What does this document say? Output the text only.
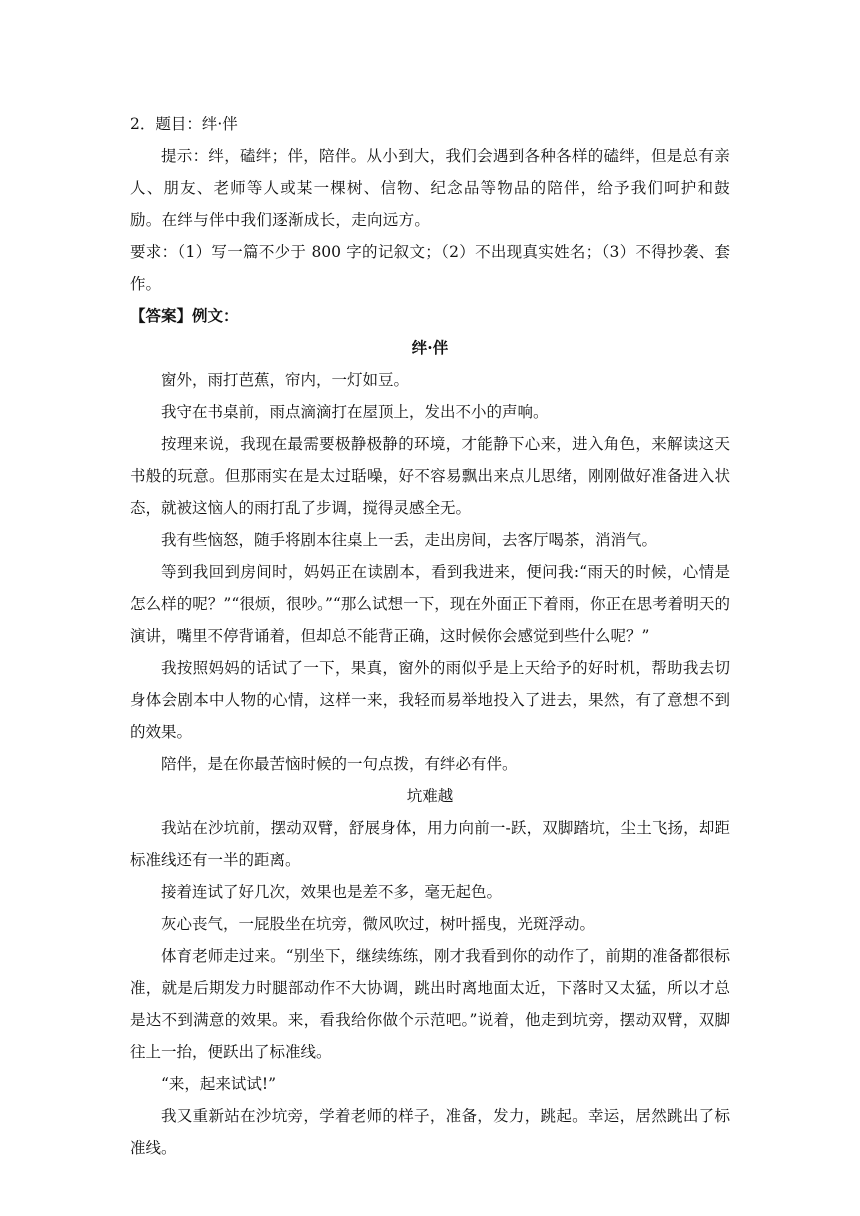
2．题目：绊·伴
提示：绊，磕绊；伴，陪伴。从小到大，我们会遇到各种各样的磕绊，但是总有亲人、朋友、老师等人或某一棵树、信物、纪念品等物品的陪伴，给予我们呵护和鼓励。在绊与伴中我们逐渐成长，走向远方。
要求：（1）写一篇不少于 800 字的记叙文；（2）不出现真实姓名；（3）不得抄袭、套作。
【答案】例文：
绊·伴
窗外，雨打芭蕉，帘内，一灯如豆。
我守在书桌前，雨点滴滴打在屋顶上，发出不小的声响。
按理来说，我现在最需要极静极静的环境，才能静下心来，进入角色，来解读这天书般的玩意。但那雨实在是太过聒噪，好不容易飘出来点儿思绪，刚刚做好准备进入状态，就被这恼人的雨打乱了步调，搅得灵感全无。
我有些恼怒，随手将剧本往桌上一丢，走出房间，去客厅喝茶，消消气。
等到我回到房间时，妈妈正在读剧本，看到我进来，便问我:“雨天的时候，心情是怎么样的呢？”“很烦，很吵。”“那么试想一下，现在外面正下着雨，你正在思考着明天的演讲，嘴里不停背诵着，但却总不能背正确，这时候你会感觉到些什么呢？”
我按照妈妈的话试了一下，果真，窗外的雨似乎是上天给予的好时机，帮助我去切身体会剧本中人物的心情，这样一来，我轻而易举地投入了进去，果然，有了意想不到的效果。
陪伴，是在你最苦恼时候的一句点拨，有绊必有伴。
坑难越
我站在沙坑前，摆动双臂，舒展身体，用力向前一-跃，双脚踏坑，尘土飞扬，却距标准线还有一半的距离。
接着连试了好几次，效果也是差不多，毫无起色。
灰心丧气，一屁股坐在坑旁，微风吹过，树叶摇曳，光斑浮动。
体育老师走过来。“别坐下，继续练练，刚才我看到你的动作了，前期的准备都很标准，就是后期发力时腿部动作不大协调，跳出时离地面太近，下落时又太猛，所以才总是达不到满意的效果。来，看我给你做个示范吧。”说着，他走到坑旁，摆动双臂，双脚往上一抬，便跃出了标准线。
“来，起来试试!”
我又重新站在沙坑旁，学着老师的样子，准备，发力，跳起。幸运，居然跳出了标准线。
